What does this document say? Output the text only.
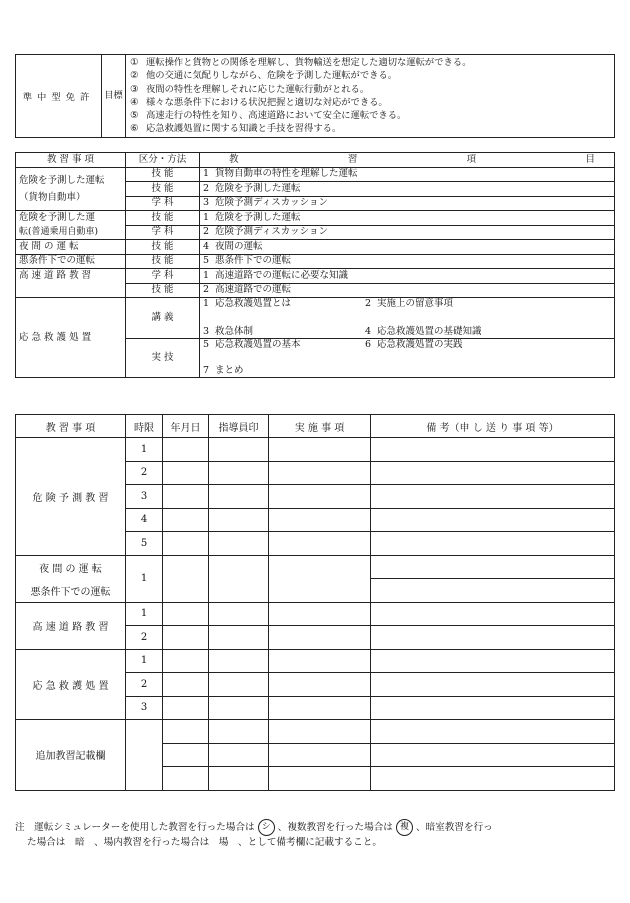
準中型免許	目標	
① 運転操作と貨物との関係を理解し、貨物輸送を想定した適切な運転ができる。
② 他の交通に気配りしながら、危険を予測した運転ができる。
③ 夜間の特性を理解しそれに応じた運転行動がとれる。
④ 様々な悪条件下における状況把握と適切な対応ができる。
⑤ 高速走行の特性を知り、高速道路において安全に運転できる。
⑥ 応急救護処置に関する知識と手技を習得する。
教 習 事 項	区分・方法	教 習 項 目

危険を予測した運転（貨物自動車）	技 能	1 貨物自動車の特性を理解した運転
	技 能	2 危険を予測した運転
	学 科	3 危険予測ディスカッション
危険を予測した運	技 能	1 危険を予測した運転
転(普通乗用自動車)	学 科	2 危険予測ディスカッション
夜 間 の 運 転	技 能	4 夜間の運転
悪条件下での運転	技 能	5 悪条件下での運転
高 速 道 路 教 習	学 科	1 高速道路での運転に必要な知識
	技 能	2 高速道路での運転
応 急 救 護 処 置	講 義	1 応急救護処置とは 2 実施上の留意事項
		3 救急体制 4 応急救護処置の基礎知識
	実 技	5 応急救護処置の基本 6 応急救護処置の実践
		7 まとめ
教 習 事 項	時限	年月日	指導員印	実 施 事 項	備 考（申 し 送 り 事 項 等）
危 険 予 測 教 習	1				
	2				
	3				
	4				
	5				
夜 間 の 運 転	1				
悪条件下での運転					
高 速 道 路 教 習	1				
	2				
応 急 救 護 処 置	1				
	2				
	3				
追加教習記載欄					

注　運転シミュレーターを使用した教習を行った場合は シ 、複数教習を行った場合は 複 、暗室教習を行っ
た場合は　暗　、場内教習を行った場合は　場　、として備考欄に記載すること。
